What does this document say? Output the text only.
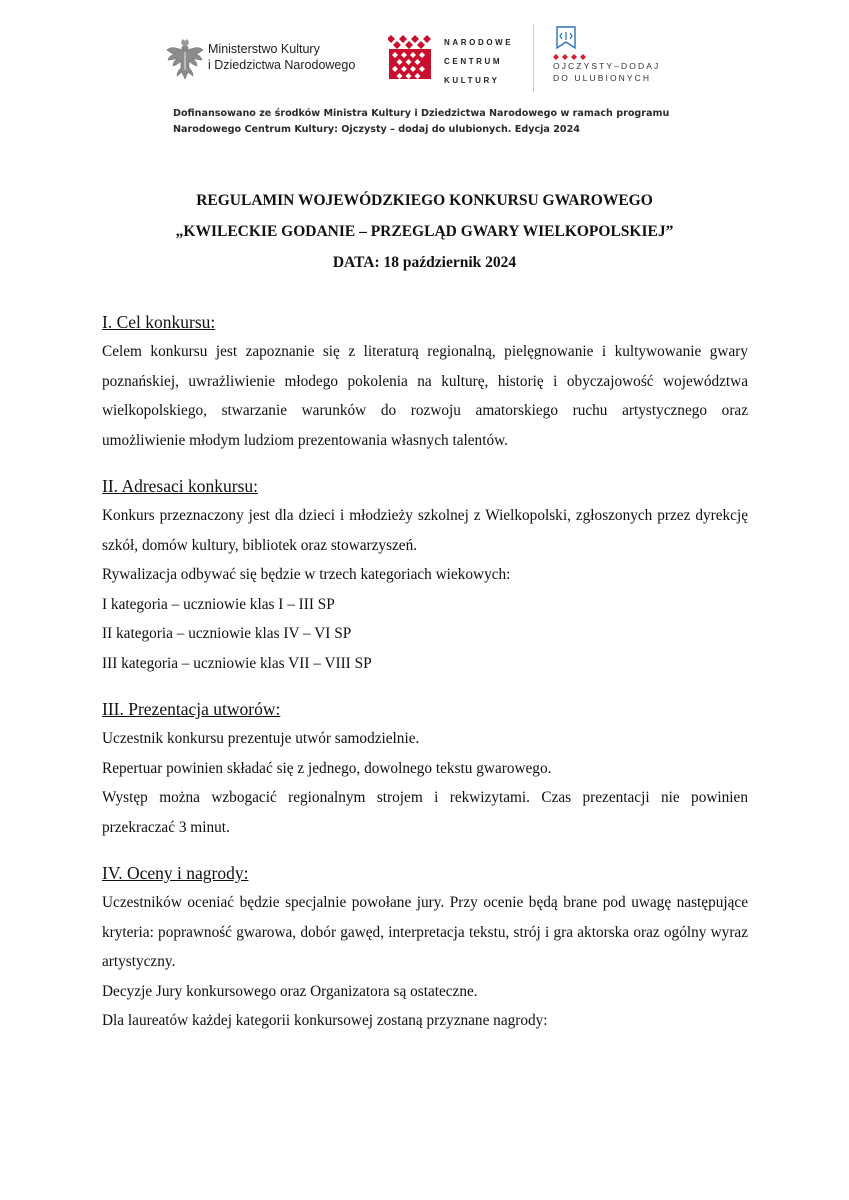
Ministerstwo Kultury
i Dziedzictwa Narodowego
NARODOWE
CENTRUM
KULTURY
OJCZYSTY–DODAJ
DO ULUBIONYCH
Dofinansowano ze środków Ministra Kultury i Dziedzictwa Narodowego w ramach programu
Narodowego Centrum Kultury: Ojczysty – dodaj do ulubionych. Edycja 2024
REGULAMIN WOJEWÓDZKIEGO KONKURSU GWAROWEGO
„KWILECKIE GODANIE – PRZEGLĄD GWARY WIELKOPOLSKIEJ”
DATA: 18 październik 2024
I. Cel konkursu:
Celem konkursu jest zapoznanie się z literaturą regionalną, pielęgnowanie i kultywowanie gwary poznańskiej, uwrażliwienie młodego pokolenia na kulturę, historię i obyczajowość województwa wielkopolskiego, stwarzanie warunków do rozwoju amatorskiego ruchu artystycznego oraz umożliwienie młodym ludziom prezentowania własnych talentów.
II. Adresaci konkursu:
Konkurs przeznaczony jest dla dzieci i młodzieży szkolnej z Wielkopolski, zgłoszonych przez dyrekcję szkół, domów kultury, bibliotek oraz stowarzyszeń.
Rywalizacja odbywać się będzie w trzech kategoriach wiekowych:
I kategoria – uczniowie klas I – III SP
II kategoria – uczniowie klas IV – VI SP
III kategoria – uczniowie klas VII – VIII SP
III. Prezentacja utworów:
Uczestnik konkursu prezentuje utwór samodzielnie.
Repertuar powinien składać się z jednego, dowolnego tekstu gwarowego.
Występ można wzbogacić regionalnym strojem i rekwizytami. Czas prezentacji nie powinien przekraczać 3 minut.
IV. Oceny i nagrody:
Uczestników oceniać będzie specjalnie powołane jury. Przy ocenie będą brane pod uwagę następujące kryteria: poprawność gwarowa, dobór gawęd, interpretacja tekstu, strój i gra aktorska oraz ogólny wyraz artystyczny.
Decyzje Jury konkursowego oraz Organizatora są ostateczne.
Dla laureatów każdej kategorii konkursowej zostaną przyznane nagrody:
